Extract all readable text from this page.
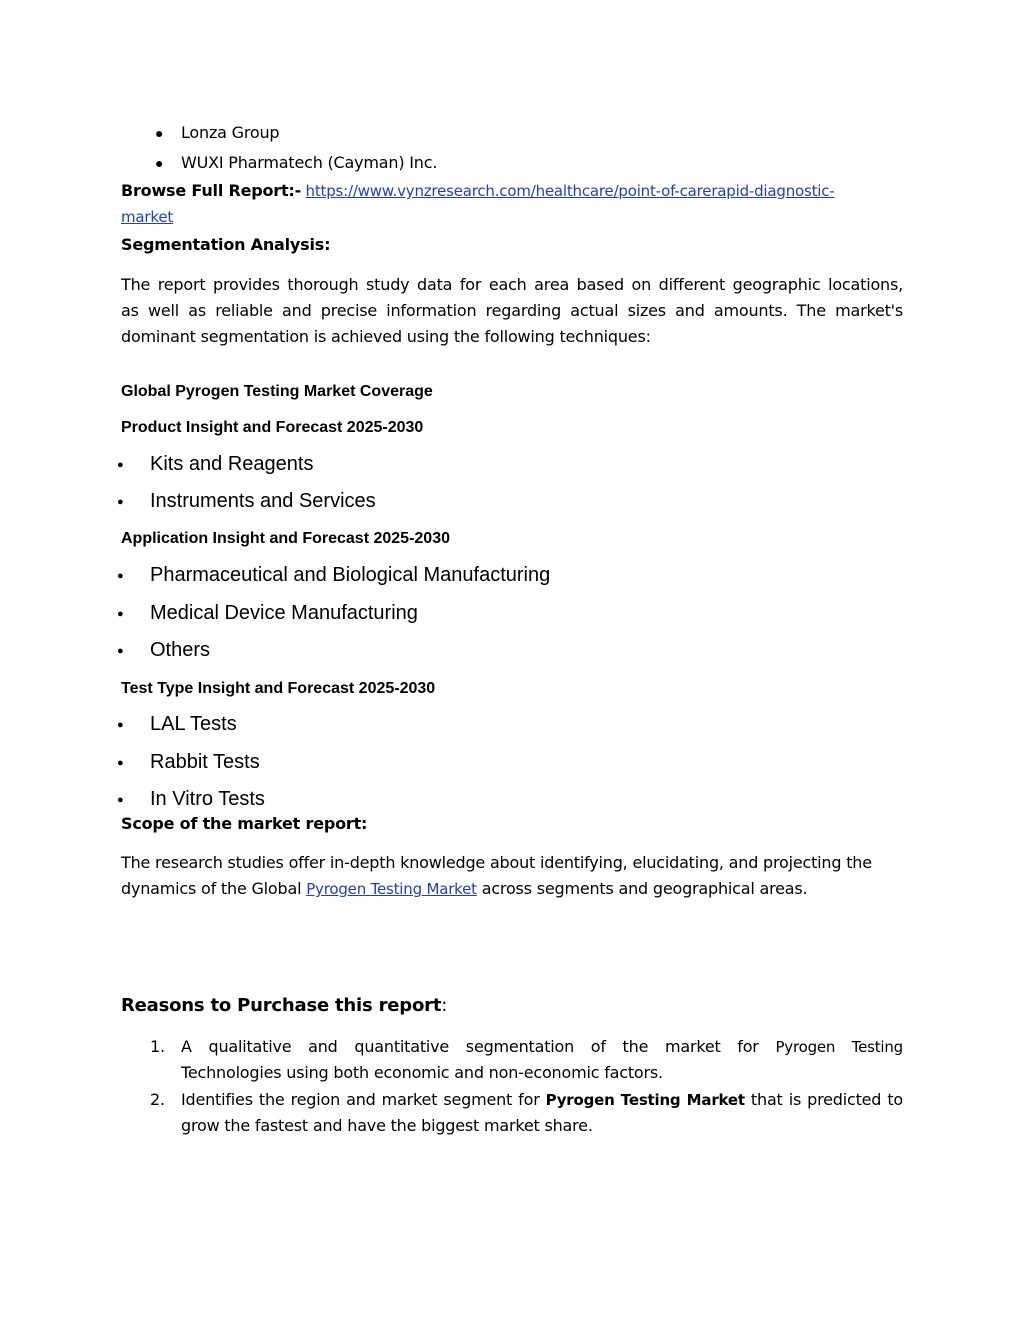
● Lonza Group
● WUXI Pharmatech (Cayman) Inc.
Browse Full Report:- https://www.vynzresearch.com/healthcare/point-of-carerapid-diagnostic-
market
Segmentation Analysis:
The report provides thorough study data for each area based on different geographic locations,
as well as reliable and precise information regarding actual sizes and amounts. The market's
dominant segmentation is achieved using the following techniques:
Global Pyrogen Testing Market Coverage
Product Insight and Forecast 2025-2030
● Kits and Reagents
● Instruments and Services
Application Insight and Forecast 2025-2030
● Pharmaceutical and Biological Manufacturing
● Medical Device Manufacturing
● Others
Test Type Insight and Forecast 2025-2030
● LAL Tests
● Rabbit Tests
● In Vitro Tests
Scope of the market report:
The research studies offer in-depth knowledge about identifying, elucidating, and projecting the
dynamics of the Global Pyrogen Testing Market across segments and geographical areas.
Reasons to Purchase this report:
1. A qualitative and quantitative segmentation of the market for Pyrogen Testing
Technologies using both economic and non-economic factors.
2. Identifies the region and market segment for Pyrogen Testing Market that is predicted to
grow the fastest and have the biggest market share.
